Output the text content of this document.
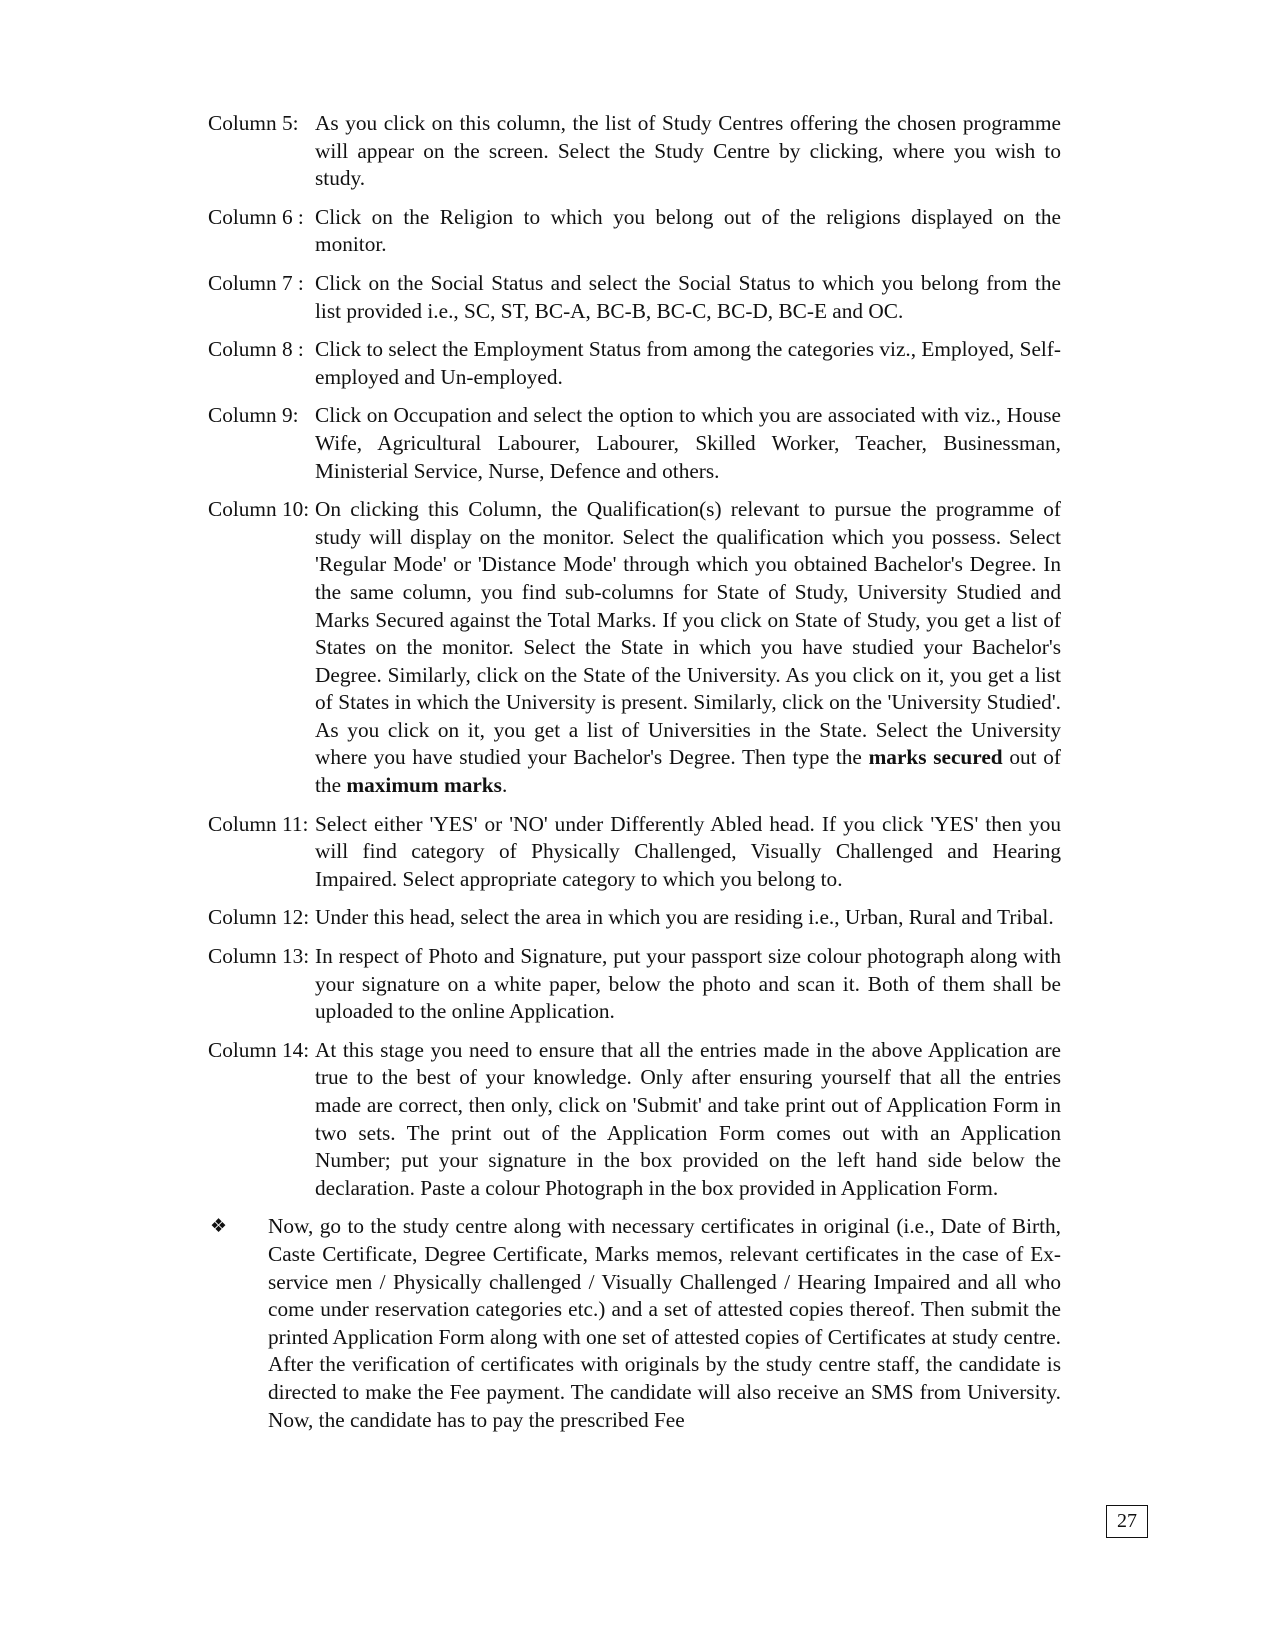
Column 5: As you click on this column, the list of Study Centres offering the chosen programme will appear on the screen. Select the Study Centre by clicking, where you wish to study.
Column 6 : Click on the Religion to which you belong out of the religions displayed on the monitor.
Column 7 : Click on the Social Status and select the Social Status to which you belong from the list provided i.e., SC, ST, BC-A, BC-B, BC-C, BC-D, BC-E and OC.
Column 8 : Click to select the Employment Status from among the categories viz., Employed, Self-employed and Un-employed.
Column 9: Click on Occupation and select the option to which you are associated with viz., House Wife, Agricultural Labourer, Labourer, Skilled Worker, Teacher, Businessman, Ministerial Service, Nurse, Defence and others.
Column 10: On clicking this Column, the Qualification(s) relevant to pursue the programme of study will display on the monitor. Select the qualification which you possess. Select 'Regular Mode' or 'Distance Mode' through which you obtained Bachelor's Degree. In the same column, you find sub-columns for State of Study, University Studied and Marks Secured against the Total Marks. If you click on State of Study, you get a list of States on the monitor. Select the State in which you have studied your Bachelor's Degree. Similarly, click on the State of the University. As you click on it, you get a list of States in which the University is present. Similarly, click on the 'University Studied'. As you click on it, you get a list of Universities in the State. Select the University where you have studied your Bachelor's Degree. Then type the marks secured out of the maximum marks.
Column 11: Select either 'YES' or 'NO' under Differently Abled head. If you click 'YES' then you will find category of Physically Challenged, Visually Challenged and Hearing Impaired. Select appropriate category to which you belong to.
Column 12: Under this head, select the area in which you are residing i.e., Urban, Rural and Tribal.
Column 13: In respect of Photo and Signature, put your passport size colour photograph along with your signature on a white paper, below the photo and scan it. Both of them shall be uploaded to the online Application.
Column 14: At this stage you need to ensure that all the entries made in the above Application are true to the best of your knowledge. Only after ensuring yourself that all the entries made are correct, then only, click on 'Submit' and take print out of Application Form in two sets. The print out of the Application Form comes out with an Application Number; put your signature in the box provided on the left hand side below the declaration. Paste a colour Photograph in the box provided in Application Form.
❖ Now, go to the study centre along with necessary certificates in original (i.e., Date of Birth, Caste Certificate, Degree Certificate, Marks memos, relevant certificates in the case of Ex-service men / Physically challenged / Visually Challenged / Hearing Impaired and all who come under reservation categories etc.) and a set of attested copies thereof. Then submit the printed Application Form along with one set of attested copies of Certificates at study centre. After the verification of certificates with originals by the study centre staff, the candidate is directed to make the Fee payment. The candidate will also receive an SMS from University. Now, the candidate has to pay the prescribed Fee
27
